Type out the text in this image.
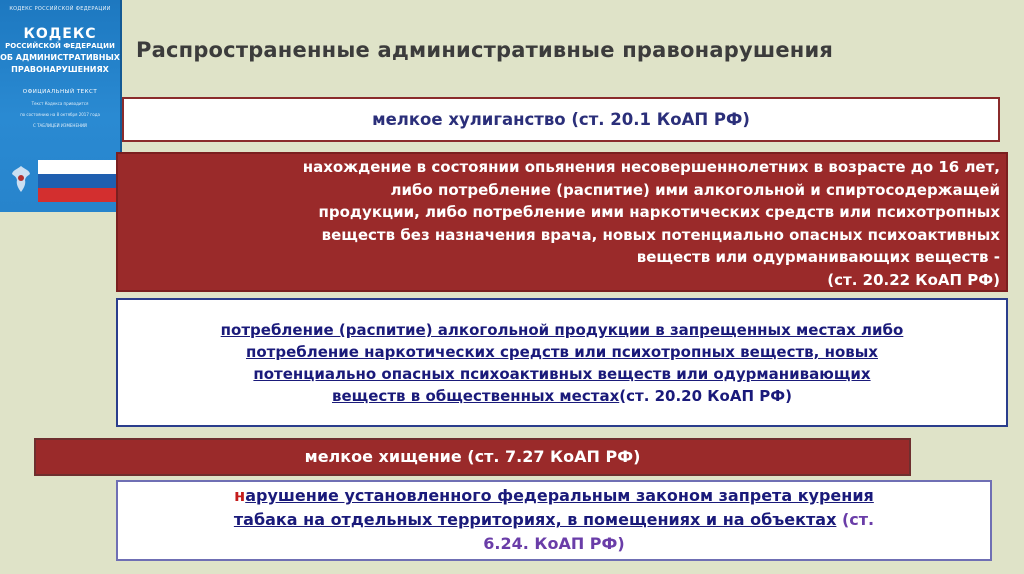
КОДЕКС РОССИЙСКОЙ ФЕДЕРАЦИИ
КОДЕКС
РОССИЙСКОЙ ФЕДЕРАЦИИ
ОБ АДМИНИСТРАТИВНЫХ
ПРАВОНАРУШЕНИЯХ
ОФИЦИАЛЬНЫЙ ТЕКСТ
Текст Кодекса приводится
по состоянию на 8 октября 2017 года
С ТАБЛИЦЕЙ ИЗМЕНЕНИЙ
Распространенные административные правонарушения
мелкое хулиганство (ст. 20.1 КоАП РФ)
нахождение в состоянии опьянения несовершеннолетних в возрасте до 16 лет,
либо потребление (распитие) ими алкогольной и спиртосодержащей
продукции, либо потребление ими наркотических средств или психотропных
веществ без назначения врача, новых потенциально опасных психоактивных
веществ или одурманивающих веществ -
(ст. 20.22 КоАП РФ)
потребление (распитие) алкогольной продукции в запрещенных местах либо
потребление наркотических средств или психотропных веществ, новых
потенциально опасных психоактивных веществ или одурманивающих
веществ в общественных местах(ст. 20.20 КоАП РФ)
мелкое хищение (ст. 7.27 КоАП РФ)
нарушение установленного федеральным законом запрета курения
табака на отдельных территориях, в помещениях и на объектах (ст.
6.24. КоАП РФ)
